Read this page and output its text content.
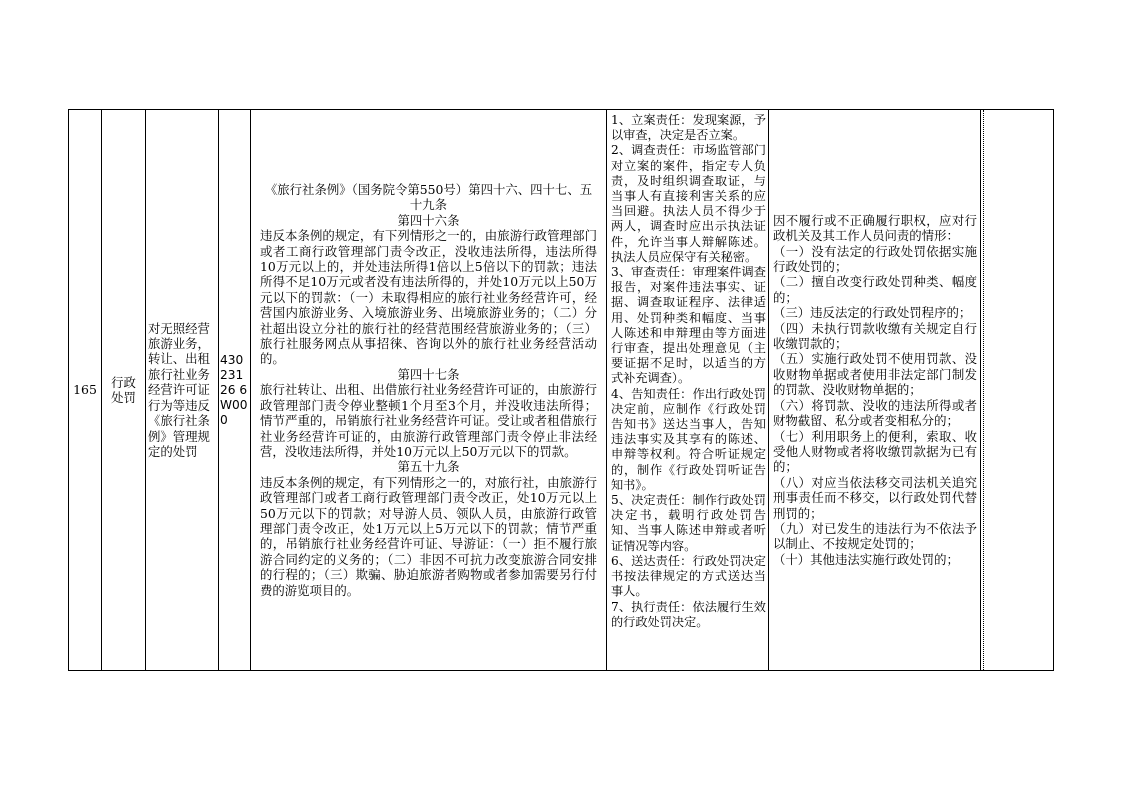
165
行政处罚
对无照经营旅游业务，转让、出租旅行社业务经营许可证行为等违反《旅行社条例》管理规定的处罚
43023126 6W000
《旅行社条例》（国务院令第550号）第四十六、四十七、五十九条
第四十六条
违反本条例的规定，有下列情形之一的，由旅游行政管理部门或者工商行政管理部门责令改正，没收违法所得，违法所得10万元以上的，并处违法所得1倍以上5倍以下的罚款；违法所得不足10万元或者没有违法所得的，并处10万元以上50万元以下的罚款：（一）未取得相应的旅行社业务经营许可，经营国内旅游业务、入境旅游业务、出境旅游业务的；（二）分社超出设立分社的旅行社的经营范围经营旅游业务的；（三）旅行社服务网点从事招徕、咨询以外的旅行社业务经营活动的。
第四十七条
旅行社转让、出租、出借旅行社业务经营许可证的，由旅游行政管理部门责令停业整顿1个月至3个月，并没收违法所得；情节严重的，吊销旅行社业务经营许可证。受让或者租借旅行社业务经营许可证的，由旅游行政管理部门责令停止非法经营，没收违法所得，并处10万元以上50万元以下的罚款。
第五十九条
违反本条例的规定，有下列情形之一的，对旅行社，由旅游行政管理部门或者工商行政管理部门责令改正，处10万元以上50万元以下的罚款；对导游人员、领队人员，由旅游行政管理部门责令改正，处1万元以上5万元以下的罚款；情节严重的，吊销旅行社业务经营许可证、导游证：（一）拒不履行旅游合同约定的义务的；（二）非因不可抗力改变旅游合同安排的行程的；（三）欺骗、胁迫旅游者购物或者参加需要另行付费的游览项目的。
1、立案责任：发现案源，予以审查，决定是否立案。
2、调查责任：市场监管部门对立案的案件，指定专人负责，及时组织调查取证，与当事人有直接利害关系的应当回避。执法人员不得少于两人，调查时应出示执法证件，允许当事人辩解陈述。执法人员应保守有关秘密。
3、审查责任：审理案件调查报告，对案件违法事实、证据、调查取证程序、法律适用、处罚种类和幅度、当事人陈述和申辩理由等方面进行审查，提出处理意见（主要证据不足时，以适当的方式补充调查）。
4、告知责任：作出行政处罚决定前，应制作《行政处罚告知书》送达当事人，告知违法事实及其享有的陈述、申辩等权利。符合听证规定的，制作《行政处罚听证告知书》。
5、决定责任：制作行政处罚决定书，载明行政处罚告知、当事人陈述申辩或者听证情况等内容。
6、送达责任：行政处罚决定书按法律规定的方式送达当事人。
7、执行责任：依法履行生效的行政处罚决定。
因不履行或不正确履行职权，应对行政机关及其工作人员问责的情形：
（一）没有法定的行政处罚依据实施行政处罚的；
（二）擅自改变行政处罚种类、幅度的；
（三）违反法定的行政处罚程序的；
（四）未执行罚款收缴有关规定自行收缴罚款的；
（五）实施行政处罚不使用罚款、没收财物单据或者使用非法定部门制发的罚款、没收财物单据的；
（六）将罚款、没收的违法所得或者财物截留、私分或者变相私分的；
（七）利用职务上的便利，索取、收受他人财物或者将收缴罚款据为已有的；
（八）对应当依法移交司法机关追究刑事责任而不移交，以行政处罚代替刑罚的；
（九）对已发生的违法行为不依法予以制止、不按规定处罚的；
（十）其他违法实施行政处罚的；
